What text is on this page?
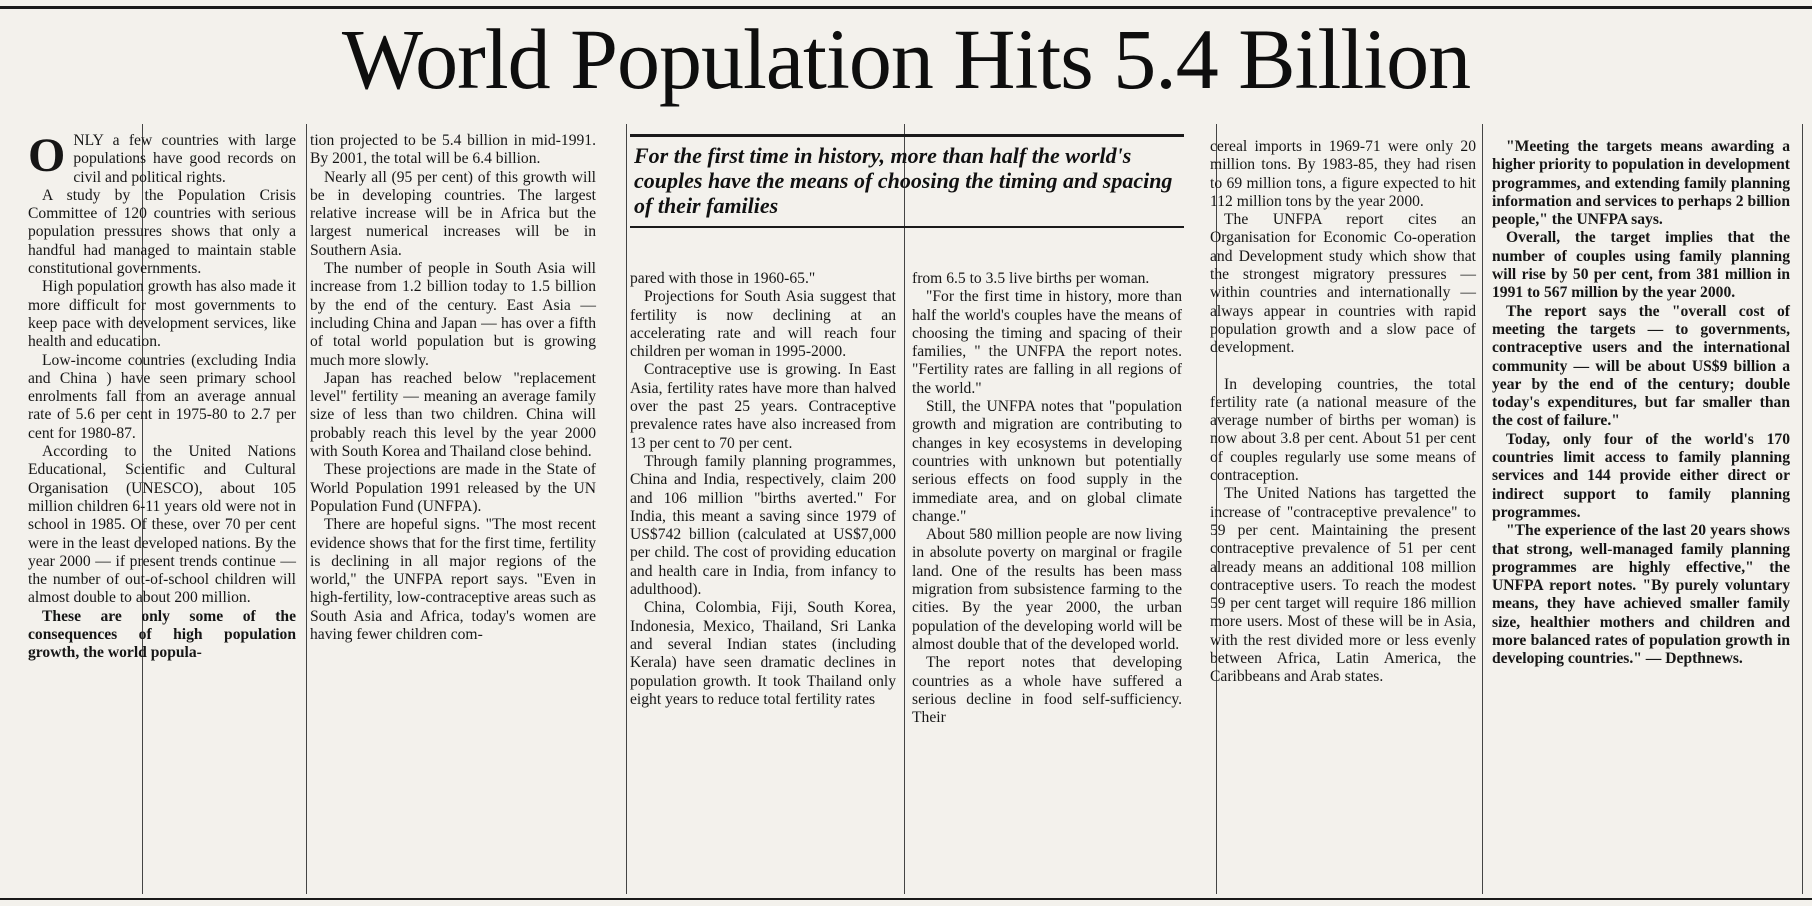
World Population Hits 5.4 Billion

ONLY a few countries with large populations have good records on civil and political rights.

A study by the Population Crisis Committee of 120 countries with serious population pressures shows that only a handful had managed to maintain stable constitutional governments.

High population growth has also made it more difficult for most governments to keep pace with development services, like health and education.

Low-income countries (excluding India and China ) have seen primary school enrolments fall from an average annual rate of 5.6 per cent in 1975-80 to 2.7 per cent for 1980-87.

According to the United Nations Educational, Scientific and Cultural Organisation (UNESCO), about 105 million children 6-11 years old were not in school in 1985. Of these, over 70 per cent were in the least developed nations. By the year 2000 — if present trends continue — the number of out-of-school children will almost double to about 200 million.

These are only some of the consequences of high population growth, the world popula-

tion projected to be 5.4 billion in mid-1991. By 2001, the total will be 6.4 billion.

Nearly all (95 per cent) of this growth will be in developing countries. The largest relative increase will be in Africa but the largest numerical increases will be in Southern Asia.

The number of people in South Asia will increase from 1.2 billion today to 1.5 billion by the end of the century. East Asia — including China and Japan — has over a fifth of total world population but is growing much more slowly.

Japan has reached below "replacement level" fertility — meaning an average family size of less than two children. China will probably reach this level by the year 2000 with South Korea and Thailand close behind.

These projections are made in the State of World Population 1991 released by the UN Population Fund (UNFPA).

There are hopeful signs. "The most recent evidence shows that for the first time, fertility is declining in all major regions of the world," the UNFPA report says. "Even in high-fertility, low-contraceptive areas such as South Asia and Africa, today's women are having fewer children com-

For the first time in history, more than half the world's couples have the means of choosing the timing and spacing of their families

pared with those in 1960-65."

Projections for South Asia suggest that fertility is now declining at an accelerating rate and will reach four children per woman in 1995-2000.

Contraceptive use is growing. In East Asia, fertility rates have more than halved over the past 25 years. Contraceptive prevalence rates have also increased from 13 per cent to 70 per cent.

Through family planning programmes, China and India, respectively, claim 200 and 106 million "births averted." For India, this meant a saving since 1979 of US$742 billion (calculated at US$7,000 per child. The cost of providing education and health care in India, from infancy to adulthood).

China, Colombia, Fiji, South Korea, Indonesia, Mexico, Thailand, Sri Lanka and several Indian states (including Kerala) have seen dramatic declines in population growth. It took Thailand only eight years to reduce total fertility rates

from 6.5 to 3.5 live births per woman.

"For the first time in history, more than half the world's couples have the means of choosing the timing and spacing of their families, " the UNFPA the report notes. "Fertility rates are falling in all regions of the world."

Still, the UNFPA notes that "population growth and migration are contributing to changes in key ecosystems in developing countries with unknown but potentially serious effects on food supply in the immediate area, and on global climate change."

About 580 million people are now living in absolute poverty on marginal or fragile land. One of the results has been mass migration from subsistence farming to the cities. By the year 2000, the urban population of the developing world will be almost double that of the developed world.

The report notes that developing countries as a whole have suffered a serious decline in food self-sufficiency. Their

cereal imports in 1969-71 were only 20 million tons. By 1983-85, they had risen to 69 million tons, a figure expected to hit 112 million tons by the year 2000.

The UNFPA report cites an Organisation for Economic Co-operation and Development study which show that the strongest migratory pressures — within countries and internationally — always appear in countries with rapid population growth and a slow pace of development.

In developing countries, the total fertility rate (a national measure of the average number of births per woman) is now about 3.8 per cent. About 51 per cent of couples regularly use some means of contraception.

The United Nations has targetted the increase of "contraceptive prevalence" to 59 per cent. Maintaining the present contraceptive prevalence of 51 per cent already means an additional 108 million contraceptive users. To reach the modest 59 per cent target will require 186 million more users. Most of these will be in Asia, with the rest divided more or less evenly between Africa, Latin America, the Caribbeans and Arab states.

"Meeting the targets means awarding a higher priority to population in development programmes, and extending family planning information and services to perhaps 2 billion people," the UNFPA says.

Overall, the target implies that the number of couples using family planning will rise by 50 per cent, from 381 million in 1991 to 567 million by the year 2000.

The report says the "overall cost of meeting the targets — to governments, contraceptive users and the international community — will be about US$9 billion a year by the end of the century; double today's expenditures, but far smaller than the cost of failure."

Today, only four of the world's 170 countries limit access to family planning services and 144 provide either direct or indirect support to family planning programmes.

"The experience of the last 20 years shows that strong, well-managed family planning programmes are highly effective," the UNFPA report notes. "By purely voluntary means, they have achieved smaller family size, healthier mothers and children and more balanced rates of population growth in developing countries." — Depthnews.
